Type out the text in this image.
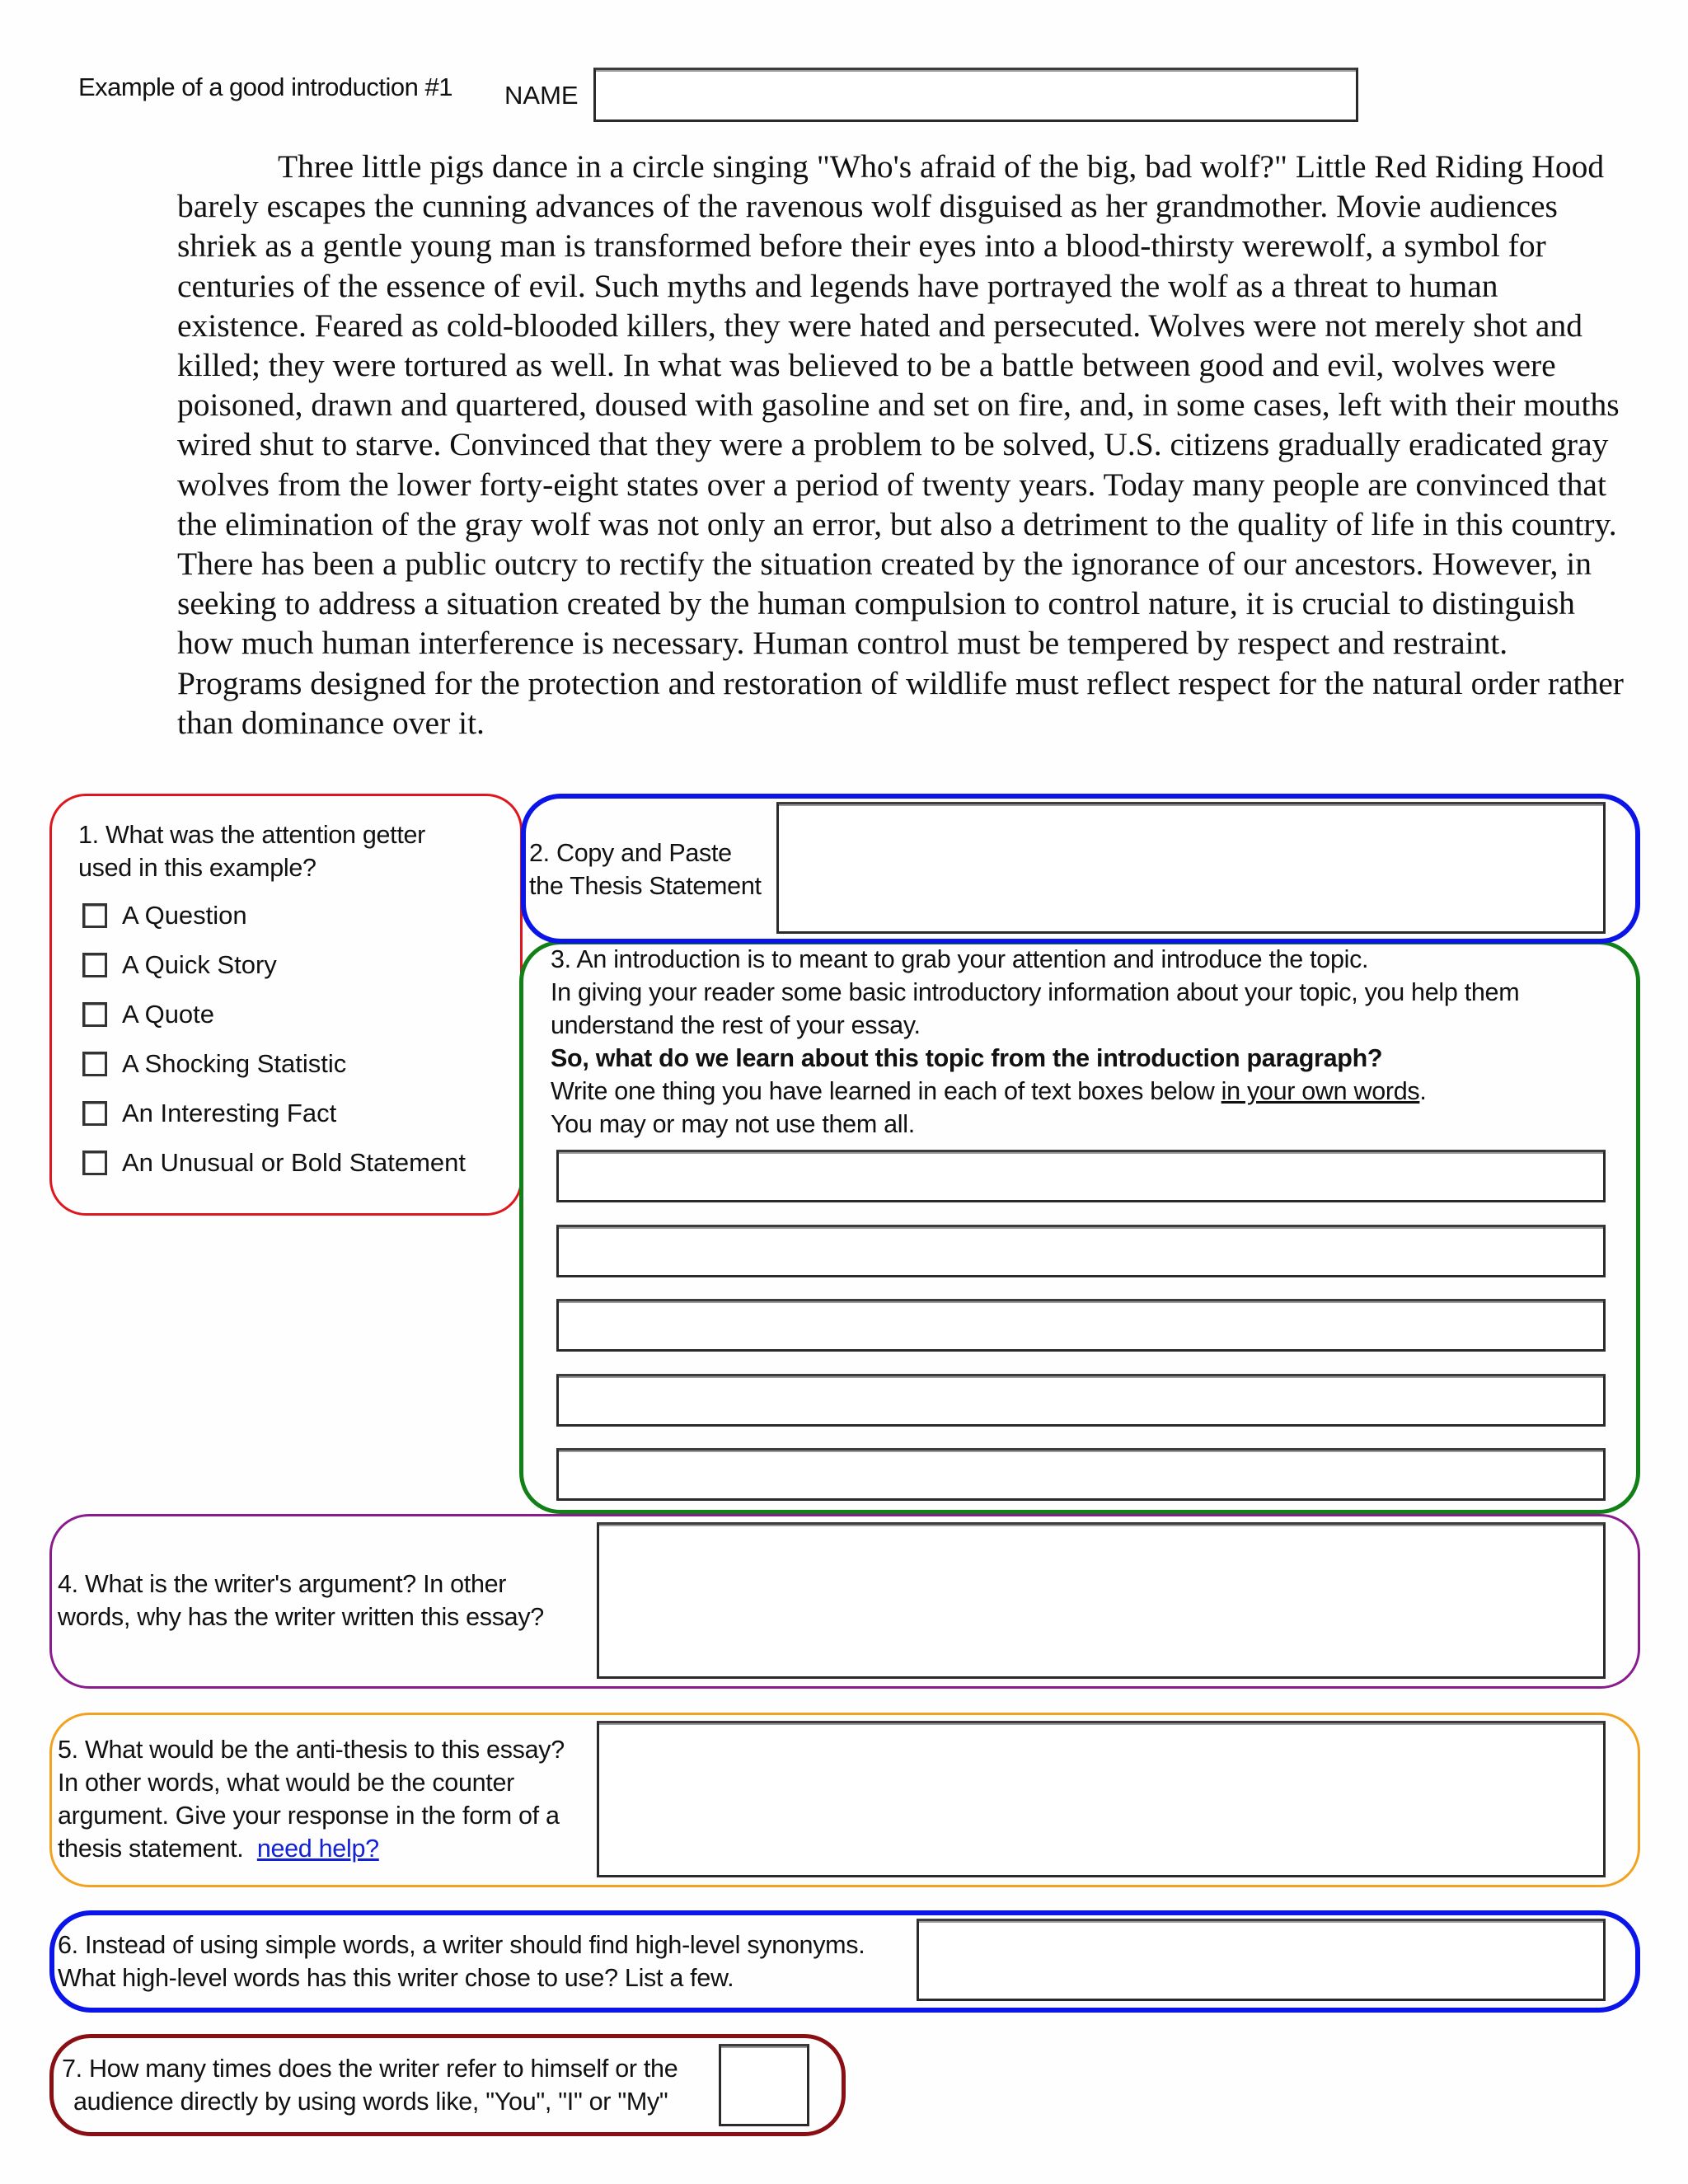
Example of a good introduction #1 NAME
Three little pigs dance in a circle singing "Who's afraid of the big, bad wolf?" Little Red Riding Hood barely escapes the cunning advances of the ravenous wolf disguised as her grandmother. Movie audiences shriek as a gentle young man is transformed before their eyes into a blood-thirsty werewolf, a symbol for centuries of the essence of evil. Such myths and legends have portrayed the wolf as a threat to human existence. Feared as cold-blooded killers, they were hated and persecuted. Wolves were not merely shot and killed; they were tortured as well. In what was believed to be a battle between good and evil, wolves were poisoned, drawn and quartered, doused with gasoline and set on fire, and, in some cases, left with their mouths wired shut to starve. Convinced that they were a problem to be solved, U.S. citizens gradually eradicated gray wolves from the lower forty-eight states over a period of twenty years. Today many people are convinced that the elimination of the gray wolf was not only an error, but also a detriment to the quality of life in this country. There has been a public outcry to rectify the situation created by the ignorance of our ancestors. However, in seeking to address a situation created by the human compulsion to control nature, it is crucial to distinguish how much human interference is necessary. Human control must be tempered by respect and restraint. Programs designed for the protection and restoration of wildlife must reflect respect for the natural order rather than dominance over it.
1. What was the attention getter
used in this example?
A Question
A Quick Story
A Quote
A Shocking Statistic
An Interesting Fact
An Unusual or Bold Statement
3. An introduction is to meant to grab your attention and introduce the topic.
In giving your reader some basic introductory information about your topic, you help them
understand the rest of your essay.
So, what do we learn about this topic from the introduction paragraph?
Write one thing you have learned in each of text boxes below in your own words.
You may or may not use them all.
2. Copy and Paste
the Thesis Statement
4. What is the writer's argument? In other
words, why has the writer written this essay?
5. What would be the anti-thesis to this essay?
In other words, what would be the counter
argument. Give your response in the form of a
thesis statement. need help?
6. Instead of using simple words, a writer should find high-level synonyms.
What high-level words has this writer chose to use? List a few.
7. How many times does the writer refer to himself or the
audience directly by using words like, "You", "I" or "My"
